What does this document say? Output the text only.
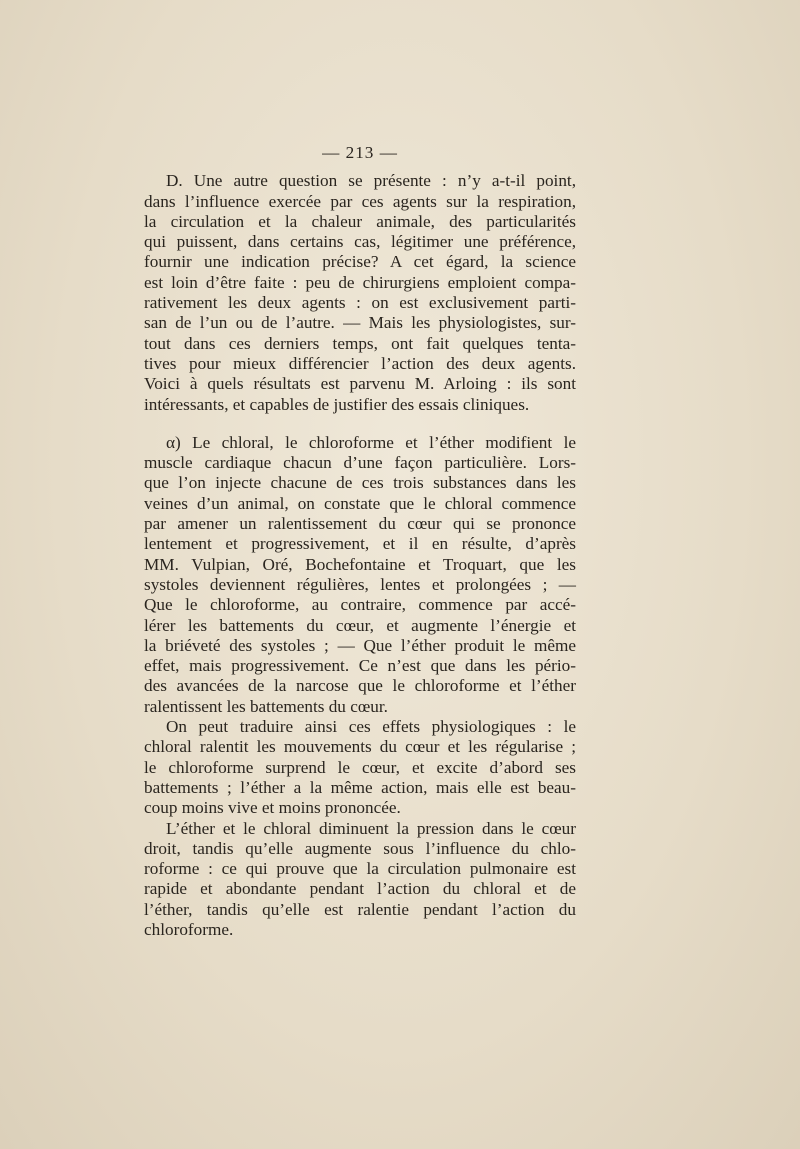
— 213 —
D. Une autre question se présente : n’y a-t-il point,
dans l’influence exercée par ces agents sur la respiration,
la circulation et la chaleur animale, des particularités
qui puissent, dans certains cas, légitimer une préférence,
fournir une indication précise? A cet égard, la science
est loin d’être faite : peu de chirurgiens emploient compa-
rativement les deux agents : on est exclusivement parti-
san de l’un ou de l’autre. — Mais les physiologistes, sur-
tout dans ces derniers temps, ont fait quelques tenta-
tives pour mieux différencier l’action des deux agents.
Voici à quels résultats est parvenu M. Arloing : ils sont
intéressants, et capables de justifier des essais cliniques.
α) Le chloral, le chloroforme et l’éther modifient le
muscle cardiaque chacun d’une façon particulière. Lors-
que l’on injecte chacune de ces trois substances dans les
veines d’un animal, on constate que le chloral commence
par amener un ralentissement du cœur qui se prononce
lentement et progressivement, et il en résulte, d’après
MM. Vulpian, Oré, Bochefontaine et Troquart, que les
systoles deviennent régulières, lentes et prolongées ; —
Que le chloroforme, au contraire, commence par accé-
lérer les battements du cœur, et augmente l’énergie et
la briéveté des systoles ; — Que l’éther produit le même
effet, mais progressivement. Ce n’est que dans les pério-
des avancées de la narcose que le chloroforme et l’éther
ralentissent les battements du cœur.
On peut traduire ainsi ces effets physiologiques : le
chloral ralentit les mouvements du cœur et les régularise ;
le chloroforme surprend le cœur, et excite d’abord ses
battements ; l’éther a la même action, mais elle est beau-
coup moins vive et moins prononcée.
L’éther et le chloral diminuent la pression dans le cœur
droit, tandis qu’elle augmente sous l’influence du chlo-
roforme : ce qui prouve que la circulation pulmonaire est
rapide et abondante pendant l’action du chloral et de
l’éther, tandis qu’elle est ralentie pendant l’action du
chloroforme.
